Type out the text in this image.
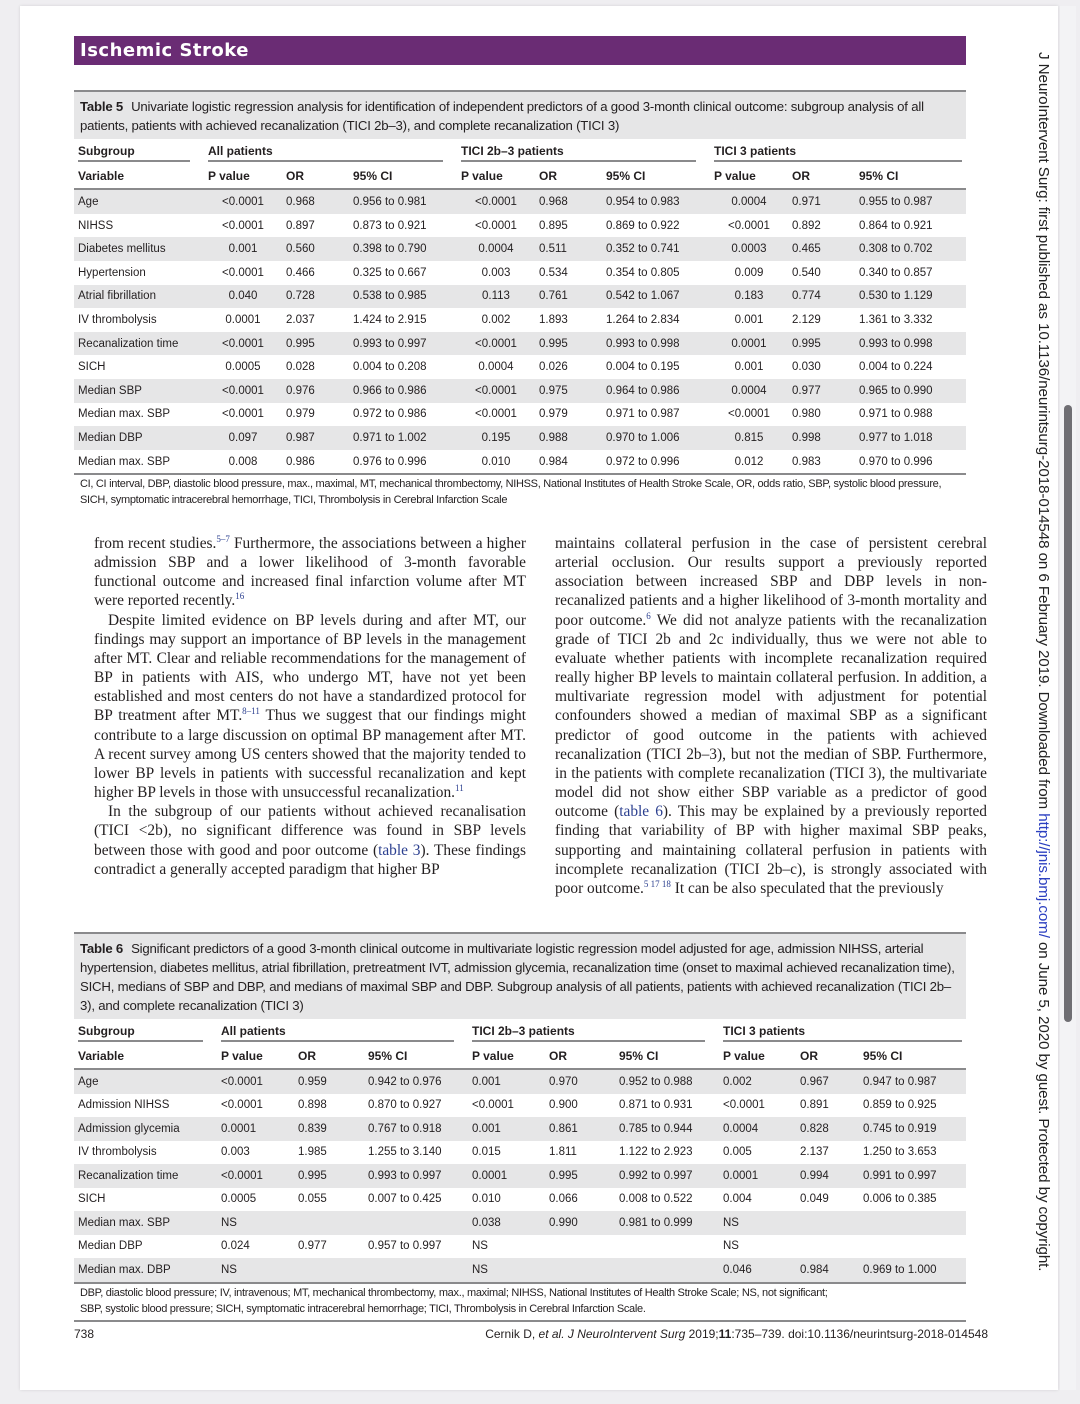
Ischemic Stroke
Table 5 Univariate logistic regression analysis for identification of independent predictors of a good 3-month clinical outcome: subgroup analysis of all patients, patients with achieved recanalization (TICI 2b–3), and complete recanalization (TICI 3)
Subgroup	All patients			TICI 2b–3 patients			TICI 3 patients		

Variable	P value	OR	95% CI	P value	OR	95% CI	P value	OR	95% CI
Age	<0.0001	0.968	0.956 to 0.981	<0.0001	0.968	0.954 to 0.983	0.0004	0.971	0.955 to 0.987
NIHSS	<0.0001	0.897	0.873 to 0.921	<0.0001	0.895	0.869 to 0.922	<0.0001	0.892	0.864 to 0.921
Diabetes mellitus	0.001	0.560	0.398 to 0.790	0.0004	0.511	0.352 to 0.741	0.0003	0.465	0.308 to 0.702
Hypertension	<0.0001	0.466	0.325 to 0.667	0.003	0.534	0.354 to 0.805	0.009	0.540	0.340 to 0.857
Atrial fibrillation	0.040	0.728	0.538 to 0.985	0.113	0.761	0.542 to 1.067	0.183	0.774	0.530 to 1.129
IV thrombolysis	0.0001	2.037	1.424 to 2.915	0.002	1.893	1.264 to 2.834	0.001	2.129	1.361 to 3.332
Recanalization time	<0.0001	0.995	0.993 to 0.997	<0.0001	0.995	0.993 to 0.998	0.0001	0.995	0.993 to 0.998
SICH	0.0005	0.028	0.004 to 0.208	0.0004	0.026	0.004 to 0.195	0.001	0.030	0.004 to 0.224
Median SBP	<0.0001	0.976	0.966 to 0.986	<0.0001	0.975	0.964 to 0.986	0.0004	0.977	0.965 to 0.990
Median max. SBP	<0.0001	0.979	0.972 to 0.986	<0.0001	0.979	0.971 to 0.987	<0.0001	0.980	0.971 to 0.988
Median DBP	0.097	0.987	0.971 to 1.002	0.195	0.988	0.970 to 1.006	0.815	0.998	0.977 to 1.018
Median max. SBP	0.008	0.986	0.976 to 0.996	0.010	0.984	0.972 to 0.996	0.012	0.983	0.970 to 0.996
CI, CI interval, DBP, diastolic blood pressure, max., maximal, MT, mechanical thrombectomy, NIHSS, National Institutes of Health Stroke Scale, OR, odds ratio, SBP, systolic blood pressure, SICH, symptomatic intracerebral hemorrhage, TICI, Thrombolysis in Cerebral Infarction Scale

from recent studies.$^{5-7}$ Furthermore, the associations between a higher admission SBP and a lower likelihood of 3-month favorable functional outcome and increased final infarction volume after MT were reported recently.$^{16}$

Despite limited evidence on BP levels during and after MT, our findings may support an importance of BP levels in the management after MT. Clear and reliable recommendations for the management of BP in patients with AIS, who undergo MT, have not yet been established and most centers do not have a standardized protocol for BP treatment after MT.$^{8-11}$ Thus we suggest that our findings might contribute to a large discussion on optimal BP management after MT. A recent survey among US centers showed that the majority tended to lower BP levels in patients with successful recanalization and kept higher BP levels in those with unsuccessful recanalization.$^{11}$

In the subgroup of our patients without achieved recanalisation (TICI <2b), no significant difference was found in SBP levels between those with good and poor outcome (table 3). These findings contradict a generally accepted paradigm that higher BP

maintains collateral perfusion in the case of persistent cerebral arterial occlusion. Our results support a previously reported association between increased SBP and DBP levels in non-recanalized patients and a higher likelihood of 3-month mortality and poor outcome.$^6$ We did not analyze patients with the recanalization grade of TICI 2b and 2c individually, thus we were not able to evaluate whether patients with incomplete recanalization required really higher BP levels to maintain collateral perfusion. In addition, a multivariate regression model with adjustment for potential confounders showed a median of maximal SBP as a significant predictor of good outcome in the patients with achieved recanalization (TICI 2b–3), but not the median of SBP. Furthermore, in the patients with complete recanalization (TICI 3), the multivariate model did not show either SBP variable as a predictor of good outcome (table 6). This may be explained by a previously reported finding that variability of BP with higher maximal SBP peaks, supporting and maintaining collateral perfusion in patients with incomplete recanalization (TICI 2b–c), is strongly associated with poor outcome.$^{5 17 18}$ It can be also speculated that the previously

Table 6 Significant predictors of a good 3-month clinical outcome in multivariate logistic regression model adjusted for age, admission NIHSS, arterial hypertension, diabetes mellitus, atrial fibrillation, pretreatment IVT, admission glycemia, recanalization time (onset to maximal achieved recanalization time), SICH, medians of SBP and DBP, and medians of maximal SBP and DBP. Subgroup analysis of all patients, patients with achieved recanalization (TICI 2b–3), and complete recanalization (TICI 3)
Subgroup	All patients			TICI 2b–3 patients			TICI 3 patients		

Variable	P value	OR	95% CI	P value	OR	95% CI	P value	OR	95% CI
Age	<0.0001	0.959	0.942 to 0.976	0.001	0.970	0.952 to 0.988	0.002	0.967	0.947 to 0.987
Admission NIHSS	<0.0001	0.898	0.870 to 0.927	<0.0001	0.900	0.871 to 0.931	<0.0001	0.891	0.859 to 0.925
Admission glycemia	0.0001	0.839	0.767 to 0.918	0.001	0.861	0.785 to 0.944	0.0004	0.828	0.745 to 0.919
IV thrombolysis	0.003	1.985	1.255 to 3.140	0.015	1.811	1.122 to 2.923	0.005	2.137	1.250 to 3.653
Recanalization time	<0.0001	0.995	0.993 to 0.997	0.0001	0.995	0.992 to 0.997	0.0001	0.994	0.991 to 0.997
SICH	0.0005	0.055	0.007 to 0.425	0.010	0.066	0.008 to 0.522	0.004	0.049	0.006 to 0.385
Median max. SBP	NS			0.038	0.990	0.981 to 0.999	NS		
Median DBP	0.024	0.977	0.957 to 0.997	NS			NS		
Median max. DBP	NS			NS			0.046	0.984	0.969 to 1.000
DBP, diastolic blood pressure; IV, intravenous; MT, mechanical thrombectomy, max., maximal; NIHSS, National Institutes of Health Stroke Scale; NS, not significant;
SBP, systolic blood pressure; SICH, symptomatic intracerebral hemorrhage; TICI, Thrombolysis in Cerebral Infarction Scale.
738	Cernik D, et al. J NeuroIntervent Surg 2019;11:735–739. doi:10.1136/neurintsurg-2018-014548
J NeuroIntervent Surg: first published as 10.1136/neurintsurg-2018-014548 on 6 February 2019. Downloaded from http://jnis.bmj.com/ on June 5, 2020 by guest. Protected by copyright.
